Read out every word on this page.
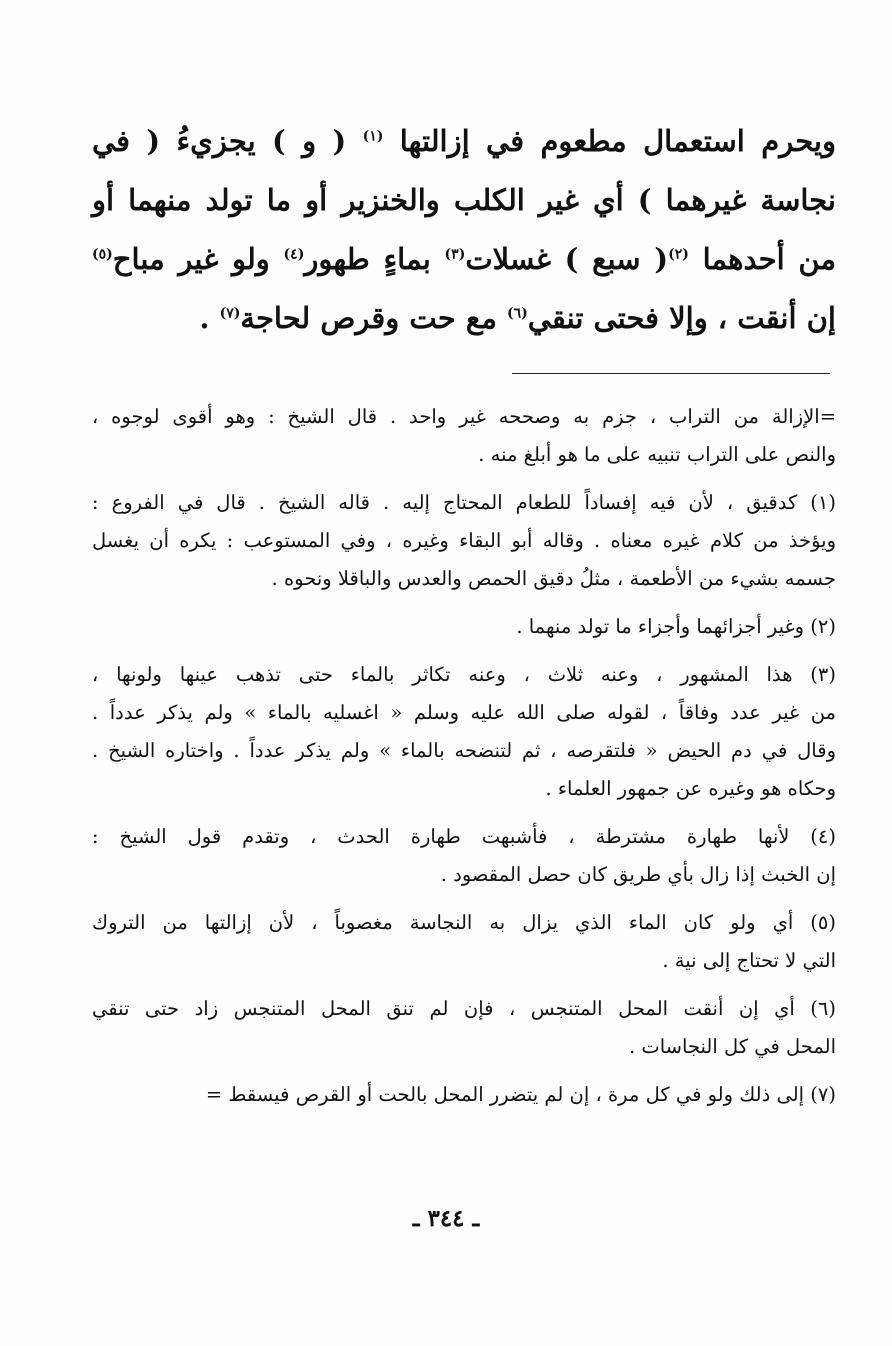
ويحرم استعمال مطعوم في إزالتها $^{(١)}$ ( و ) يجزيءُ ( في
نجاسة غيرهما ) أي غير الكلب والخنزير أو ما تولد منهما أو
من أحدهما $^{(٢)}$( سبع ) غسلات$^{(٣)}$ بماءٍ طهور$^{(٤)}$ ولو غير مباح$^{(٥)}$
إن أنقت ، وإلا فحتى تنقي$^{(٦)}$ مع حت وقرص لحاجة$^{(٧)}$ .
=الإزالة من التراب ، جزم به وصححه غير واحد . قال الشيخ : وهو أقوى لوجوه ،
والنص على التراب تنبيه على ما هو أبلغ منه .
(١) كدقيق ، لأن فيه إفساداً للطعام المحتاج إليه . قاله الشيخ . قال في الفروع :
ويؤخذ من كلام غيره معناه . وقاله أبو البقاء وغيره ، وفي المستوعب : يكره أن يغسل
جسمه بشيء من الأطعمة ، مثلُ دقيق الحمص والعدس والباقلا ونحوه .
(٢) وغير أجزائهما وأجزاء ما تولد منهما .
(٣) هذا المشهور ، وعنه ثلاث ، وعنه تكاثر بالماء حتى تذهب عينها ولونها ،
من غير عدد وفاقاً ، لقوله صلى الله عليه وسلم « اغسليه بالماء » ولم يذكر عدداً .
وقال في دم الحيض « فلتقرصه ، ثم لتنضحه بالماء » ولم يذكر عدداً . واختاره الشيخ .
وحكاه هو وغيره عن جمهور العلماء .
(٤) لأنها طهارة مشترطة ، فأشبهت طهارة الحدث ، وتقدم قول الشيخ :
إن الخبث إذا زال بأي طريق كان حصل المقصود .
(٥) أي ولو كان الماء الذي يزال به النجاسة مغصوباً ، لأن إزالتها من التروك
التي لا تحتاج إلى نية .
(٦) أي إن أنقت المحل المتنجس ، فإن لم تنق المحل المتنجس زاد حتى تنقي
المحل في كل النجاسات .
(٧) إلى ذلك ولو في كل مرة ، إن لم يتضرر المحل بالحت أو القرص فيسقط =
ـ ٣٤٤ ـ
